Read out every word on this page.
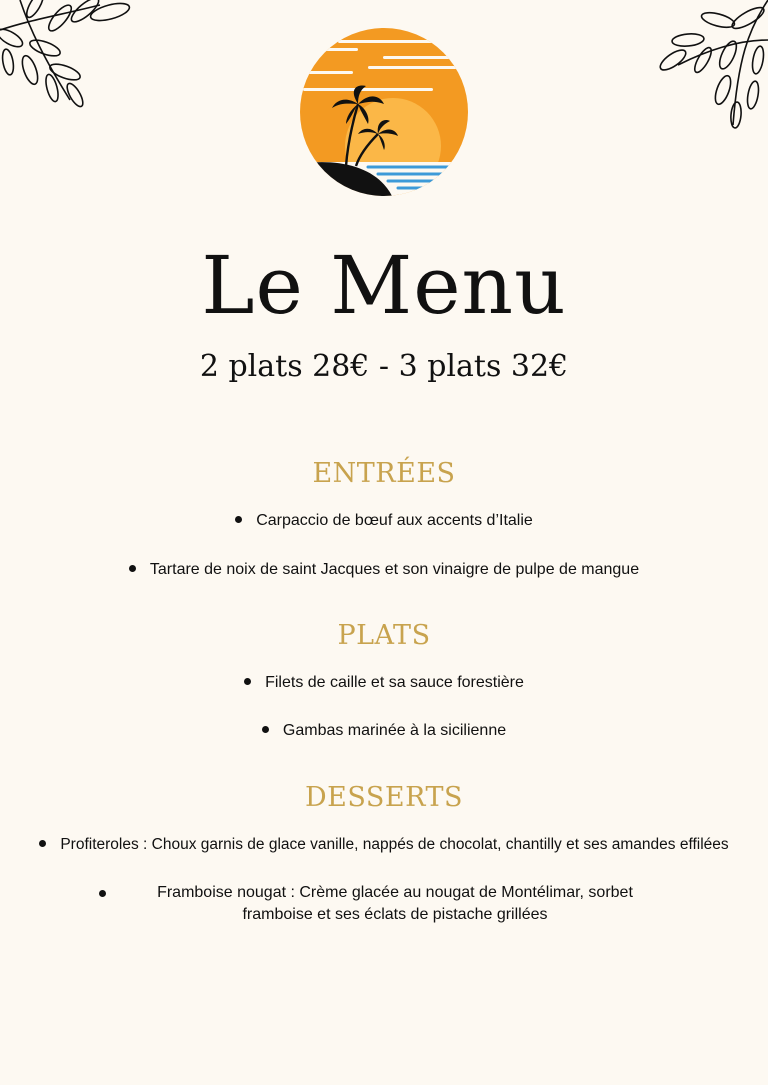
Le Menu
2 plats 28€ - 3 plats 32€
ENTRÉES
Carpaccio de bœuf aux accents d’Italie
Tartare de noix de saint Jacques et son vinaigre de pulpe de mangue
PLATS
Filets de caille et sa sauce forestière
Gambas marinée à la sicilienne
DESSERTS
Profiteroles : Choux garnis de glace vanille, nappés de chocolat, chantilly et ses amandes effilées
Framboise nougat : Crème glacée au nougat de Montélimar, sorbet framboise et ses éclats de pistache grillées
